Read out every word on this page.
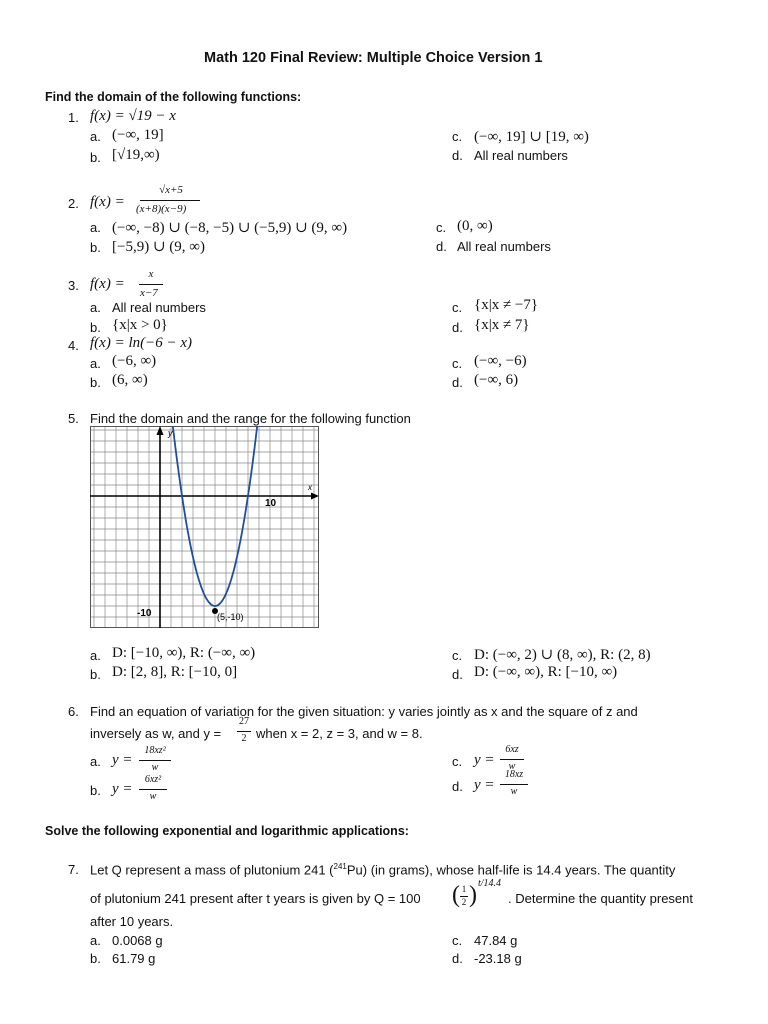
Math 120 Final Review: Multiple Choice Version 1
Find the domain of the following functions:
1. f(x) = √19 − x
a. (−∞, 19]
b. [√19,∞)
c. (−∞, 19] ∪ [19, ∞)
d. All real numbers
2. f(x) =
√x+5
(x+8)(x−9)
a. (−∞, −8) ∪ (−8, −5) ∪ (−5,9) ∪ (9, ∞)
b. [−5,9) ∪ (9, ∞)
c. (0, ∞)
d. All real numbers
3. f(x) =
x
x−7
a. All real numbers
b. {x|x > 0}
c. {x|x ≠ −7}
d. {x|x ≠ 7}
4. f(x) = ln(−6 − x)
a. (−6, ∞)
b. (6, ∞)
c. (−∞, −6)
d. (−∞, 6)
5. Find the domain and the range for the following function
y
x
10
-10	(5,-10)
a. D: [−10, ∞), R: (−∞, ∞)
b. D: [2, 8], R: [−10, 0]
c. D: (−∞, 2) ∪ (8, ∞), R: (2, 8)
d. D: (−∞, ∞), R: [−10, ∞)
6. Find an equation of variation for the given situation: y varies jointly as x and the square of z and
inversely as w, and y =
27
2 when x = 2, z = 3, and w = 8.
a. y =
18xz²
w
b. y =
6xz²
w
c. y =
6xz
w
d. y =
18xz
w
Solve the following exponential and logarithmic applications:
7. Let Q represent a mass of plutonium 241 ($^{241}$Pu) (in grams), whose half-life is 14.4 years. The quantity
of plutonium 241 present after t years is given by Q = 100 ( 1
2 ) t/14.4
. Determine the quantity present
after 10 years.
a. 0.0068 g
b. 61.79 g
c. 47.84 g
d. -23.18 g
